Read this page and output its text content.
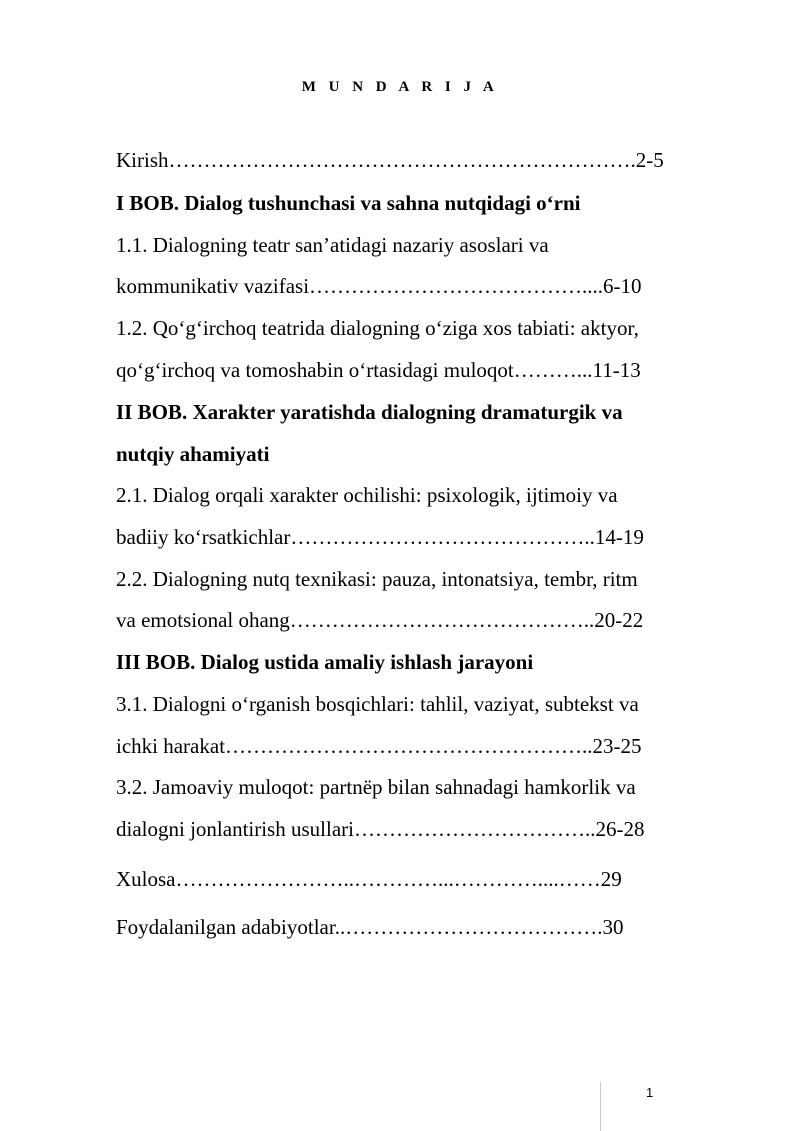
M U N D A R I J A
Kirish………………………………………………………….2-5
I BOB. Dialog tushunchasi va sahna nutqidagi o‘rni
1.1. Dialogning teatr san’atidagi nazariy asoslari va
kommunikativ vazifasi…………………………………....6-10
1.2. Qo‘g‘irchoq teatrida dialogning o‘ziga xos tabiati: aktyor,
qo‘g‘irchoq va tomoshabin o‘rtasidagi muloqot………...11-13
II BOB. Xarakter yaratishda dialogning dramaturgik va
nutqiy ahamiyati
2.1. Dialog orqali xarakter ochilishi: psixologik, ijtimoiy va
badiiy ko‘rsatkichlar……………………………………..14-19
2.2. Dialogning nutq texnikasi: pauza, intonatsiya, tembr, ritm
va emotsional ohang……………………………………..20-22
III BOB. Dialog ustida amaliy ishlash jarayoni
3.1. Dialogni o‘rganish bosqichlari: tahlil, vaziyat, subtekst va
ichki harakat……………………………………………..23-25
3.2. Jamoaviy muloqot: partnёр bilan sahnadagi hamkorlik va
dialogni jonlantirish usullari……………………………..26-28
Xulosa……………………..…………...…………....……29
Foydalanilgan adabiyotlar..……………………………….30
1
